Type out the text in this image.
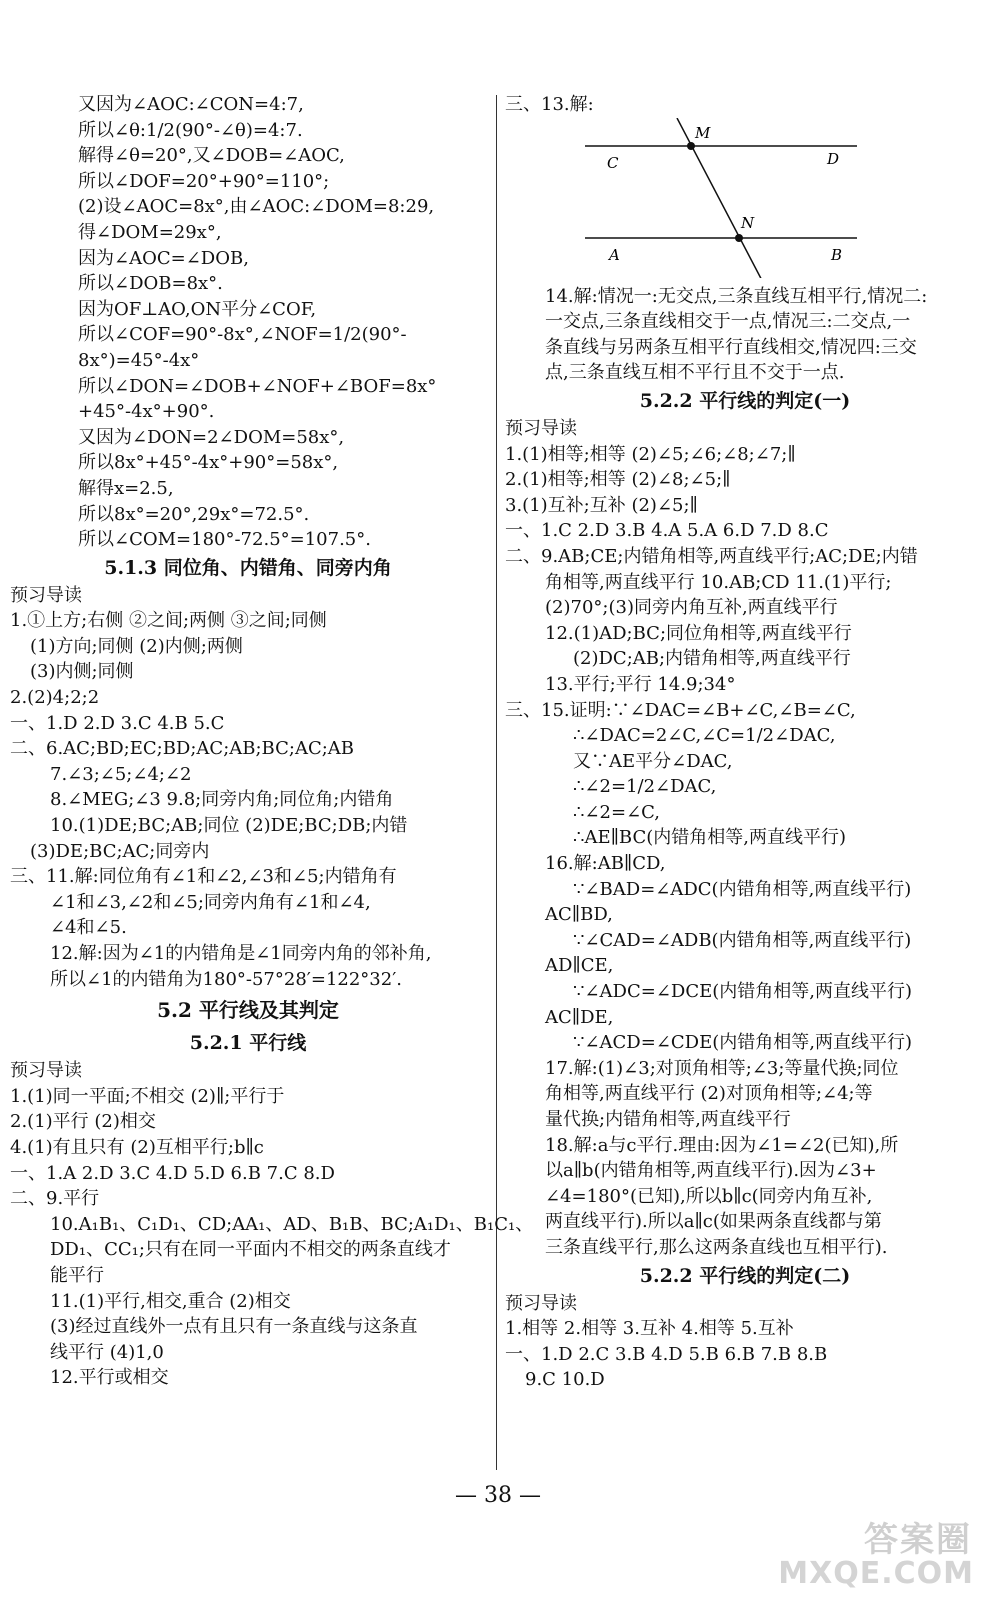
又因为∠AOC:∠CON=4:7,
所以∠θ:1/2(90°-∠θ)=4:7.
解得∠θ=20°,又∠DOB=∠AOC,
所以∠DOF=20°+90°=110°;
(2)设∠AOC=8x°,由∠AOC:∠DOM=8:29,
得∠DOM=29x°,
因为∠AOC=∠DOB,
所以∠DOB=8x°.
因为OF⊥AO,ON平分∠COF,
所以∠COF=90°-8x°,∠NOF=1/2(90°-
8x°)=45°-4x°
所以∠DON=∠DOB+∠NOF+∠BOF=8x°
+45°-4x°+90°.
又因为∠DON=2∠DOM=58x°,
所以8x°+45°-4x°+90°=58x°,
解得x=2.5,
所以8x°=20°,29x°=72.5°.
所以∠COM=180°-72.5°=107.5°.
5.1.3 同位角、内错角、同旁内角
预习导读
1.①上方;右侧 ②之间;两侧 ③之间;同侧
(1)方向;同侧 (2)内侧;两侧
(3)内侧;同侧
2.(2)4;2;2
一、1.D 2.D 3.C 4.B 5.C
二、6.AC;BD;EC;BD;AC;AB;BC;AC;AB
7.∠3;∠5;∠4;∠2
8.∠MEG;∠3 9.8;同旁内角;同位角;内错角
10.(1)DE;BC;AB;同位 (2)DE;BC;DB;内错
(3)DE;BC;AC;同旁内
三、11.解:同位角有∠1和∠2,∠3和∠5;内错角有
∠1和∠3,∠2和∠5;同旁内角有∠1和∠4,
∠4和∠5.
12.解:因为∠1的内错角是∠1同旁内角的邻补角,
所以∠1的内错角为180°-57°28′=122°32′.
5.2 平行线及其判定
5.2.1 平行线
预习导读
1.(1)同一平面;不相交 (2)∥;平行于
2.(1)平行 (2)相交
4.(1)有且只有 (2)互相平行;b∥c
一、1.A 2.D 3.C 4.D 5.D 6.B 7.C 8.D
二、9.平行
10.A₁B₁、C₁D₁、CD;AA₁、AD、B₁B、BC;A₁D₁、B₁C₁、
DD₁、CC₁;只有在同一平面内不相交的两条直线才
能平行
11.(1)平行,相交,重合 (2)相交
(3)经过直线外一点有且只有一条直线与这条直
线平行 (4)1,0
12.平行或相交
三、13.解:
M
C	D
N
A	B
14.解:情况一:无交点,三条直线互相平行,情况二:
一交点,三条直线相交于一点,情况三:二交点,一
条直线与另两条互相平行直线相交,情况四:三交
点,三条直线互相不平行且不交于一点.
5.2.2 平行线的判定(一)
预习导读
1.(1)相等;相等 (2)∠5;∠6;∠8;∠7;∥
2.(1)相等;相等 (2)∠8;∠5;∥
3.(1)互补;互补 (2)∠5;∥
一、1.C 2.D 3.B 4.A 5.A 6.D 7.D 8.C
二、9.AB;CE;内错角相等,两直线平行;AC;DE;内错
角相等,两直线平行 10.AB;CD 11.(1)平行;
(2)70°;(3)同旁内角互补,两直线平行
12.(1)AD;BC;同位角相等,两直线平行
(2)DC;AB;内错角相等,两直线平行
13.平行;平行 14.9;34°
三、15.证明:∵∠DAC=∠B+∠C,∠B=∠C,
∴∠DAC=2∠C,∠C=1/2∠DAC,
又∵AE平分∠DAC,
∴∠2=1/2∠DAC,
∴∠2=∠C,
∴AE∥BC(内错角相等,两直线平行)
16.解:AB∥CD,
∵∠BAD=∠ADC(内错角相等,两直线平行)
AC∥BD,
∵∠CAD=∠ADB(内错角相等,两直线平行)
AD∥CE,
∵∠ADC=∠DCE(内错角相等,两直线平行)
AC∥DE,
∵∠ACD=∠CDE(内错角相等,两直线平行)
17.解:(1)∠3;对顶角相等;∠3;等量代换;同位
角相等,两直线平行 (2)对顶角相等;∠4;等
量代换;内错角相等,两直线平行
18.解:a与c平行.理由:因为∠1=∠2(已知),所
以a∥b(内错角相等,两直线平行).因为∠3+
∠4=180°(已知),所以b∥c(同旁内角互补,
两直线平行).所以a∥c(如果两条直线都与第
三条直线平行,那么这两条直线也互相平行).
5.2.2 平行线的判定(二)
预习导读
1.相等 2.相等 3.互补 4.相等 5.互补
一、1.D 2.C 3.B 4.D 5.B 6.B 7.B 8.B
9.C 10.D
— 38 —
答案圈
MXQE.COM
